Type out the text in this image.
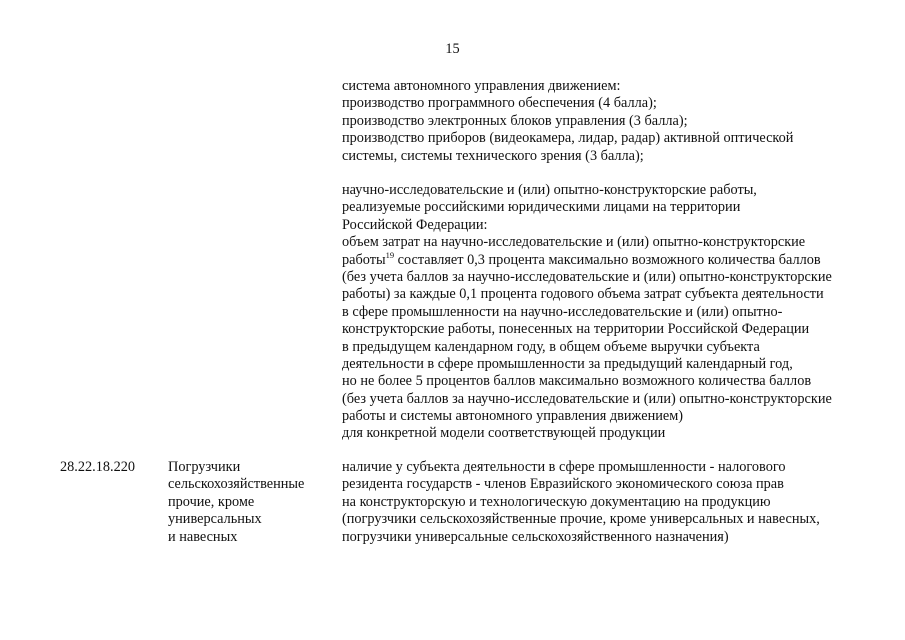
15
система автономного управления движением:
производство программного обеспечения (4 балла);
производство электронных блоков управления (3 балла);
производство приборов (видеокамера, лидар, радар) активной оптической
системы, системы технического зрения (3 балла);
научно-исследовательские и (или) опытно-конструкторские работы,
реализуемые российскими юридическими лицами на территории
Российской Федерации:
объем затрат на научно-исследовательские и (или) опытно-конструкторские
работы$^{19}$ составляет 0,3 процента максимально возможного количества баллов
(без учета баллов за научно-исследовательские и (или) опытно-конструкторские
работы) за каждые 0,1 процента годового объема затрат субъекта деятельности
в сфере промышленности на научно-исследовательские и (или) опытно-
конструкторские работы, понесенных на территории Российской Федерации
в предыдущем календарном году, в общем объеме выручки субъекта
деятельности в сфере промышленности за предыдущий календарный год,
но не более 5 процентов баллов максимально возможного количества баллов
(без учета баллов за научно-исследовательские и (или) опытно-конструкторские
работы и системы автономного управления движением)
для конкретной модели соответствующей продукции
28.22.18.220 Погрузчики
сельскохозяйственные
прочие, кроме
универсальных
и навесных
наличие у субъекта деятельности в сфере промышленности - налогового
резидента государств - членов Евразийского экономического союза прав
на конструкторскую и технологическую документацию на продукцию
(погрузчики сельскохозяйственные прочие, кроме универсальных и навесных,
погрузчики универсальные сельскохозяйственного назначения)
